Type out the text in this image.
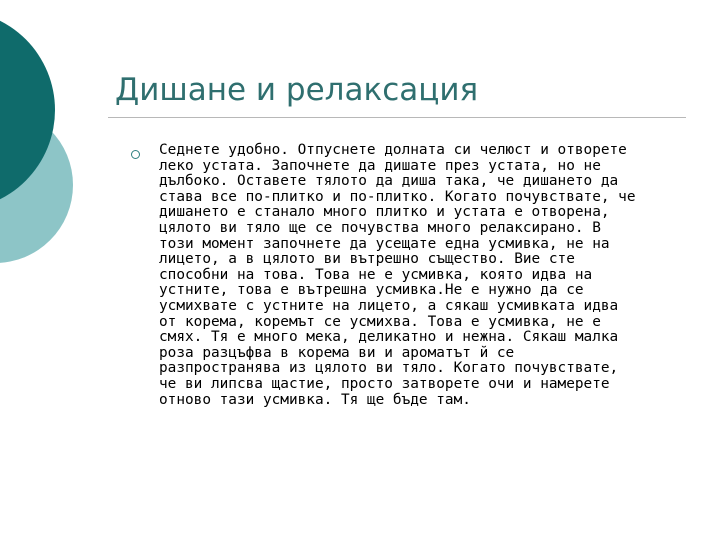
Дишане и релаксация
Седнете удобно. Отпуснете долната си челюст и отворете
леко устата. Започнете да дишате през устата, но не
дълбоко. Оставете тялото да диша така, че дишането да
става все по-плитко и по-плитко. Когато почувствате, че
дишането е станало много плитко и устата е отворена,
цялото ви тяло ще се почувства много релаксирано. В
този момент започнете да усещате една усмивка, не на
лицето, а в цялото ви вътрешно същество. Вие сте
способни на това. Това не е усмивка, която идва на
устните, това е вътрешна усмивка.Не е нужно да се
усмихвате с устните на лицето, а сякаш усмивката идва
от корема, коремът се усмихва. Това е усмивка, не е
смях. Тя е много мека, деликатно и нежна. Сякаш малка
роза разцъфва в корема ви и ароматът й се
разпространява из цялото ви тяло. Когато почувствате,
че ви липсва щастие, просто затворете очи и намерете
отново тази усмивка. Тя ще бъде там.
